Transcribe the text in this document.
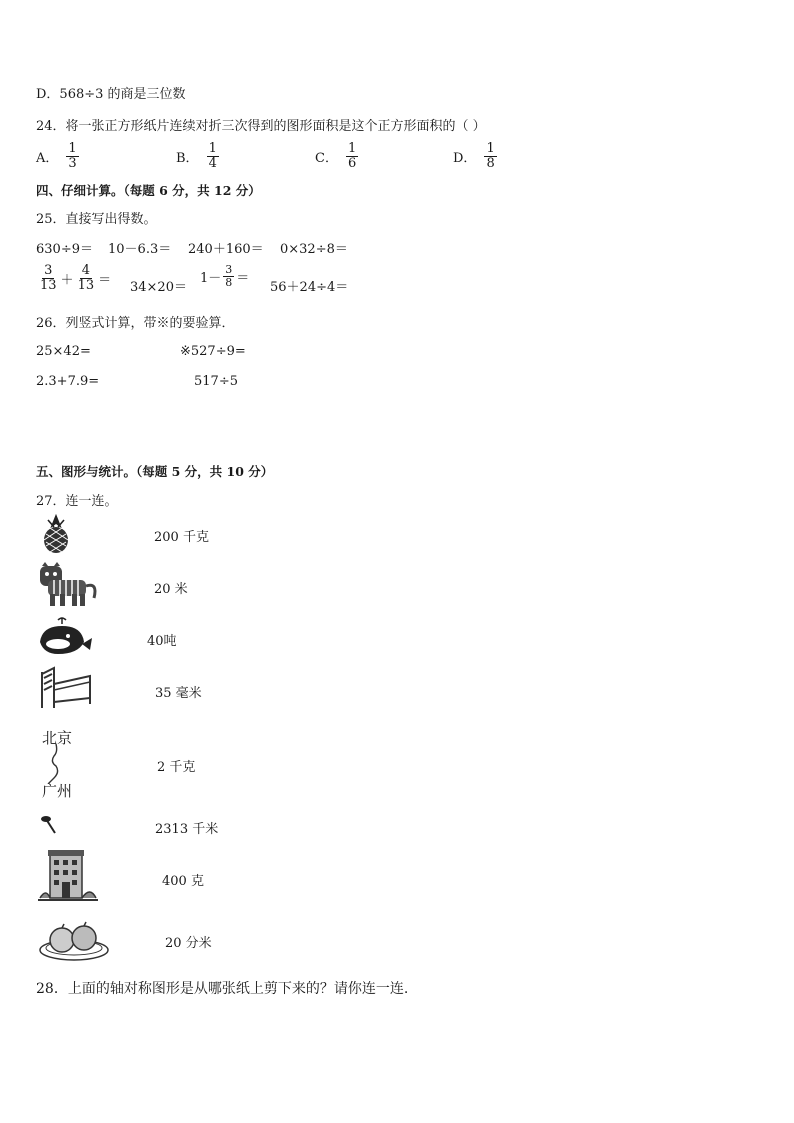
D．568÷3 的商是三位数
24．将一张正方形纸片连续对折三次得到的图形面积是这个正方形面积的（ ）
A． $\frac{1}{3}$	B． $\frac{1}{4}$	C． $\frac{1}{6}$	D． $\frac{1}{8}$
四、仔细计算。（每题 6 分，共 12 分）
25．直接写出得数。
630÷9＝ 10－6.3＝ 240＋160＝ 0×32÷8＝
$\frac{3}{13} + \frac{4}{13} = 34\times 20=$
$1- \frac{3}{8}$ ＝
56＋24÷4＝
26．列竖式计算，带※的要验算．
25×42=	※527÷9=
2.3+7.9=	517÷5
五、图形与统计。（每题 5 分，共 10 分）
27．连一连。
北京
广州
200 千克
20 米
40吨
35 毫米
2 千克
2313 千米
400 克
20 分米
28．上面的轴对称图形是从哪张纸上剪下来的？请你连一连.
